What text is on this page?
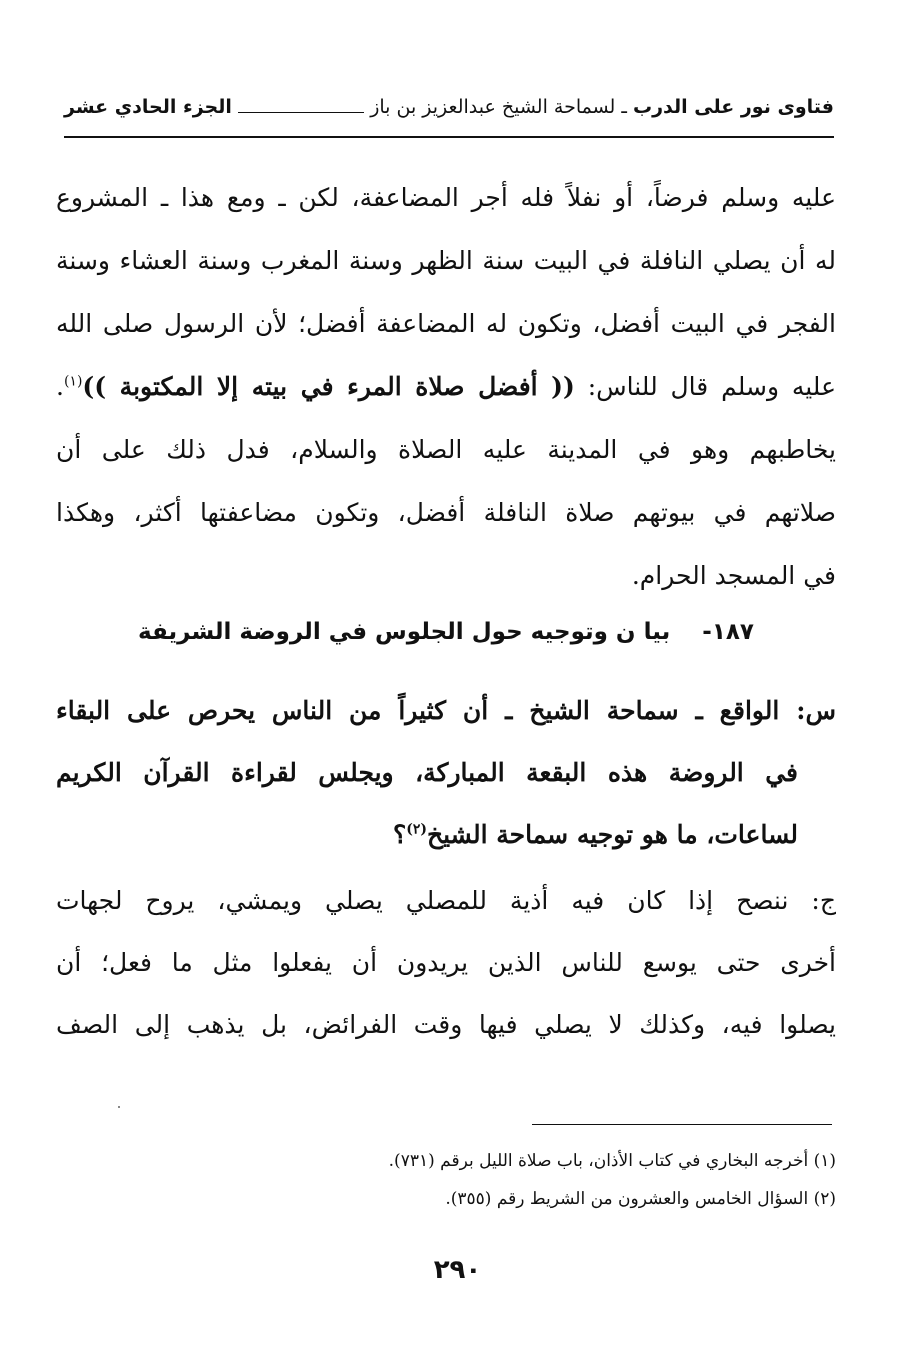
فتاوى نور على الدرب
ـ
لسماحة الشيخ عبدالعزيز بن باز
الجزء الحادي عشر
عليه وسلم فرضاً، أو نفلاً فله أجر المضاعفة، لكن ـ ومع هذا ـ المشروع
له أن يصلي النافلة في البيت سنة الظهر وسنة المغرب وسنة العشاء وسنة
الفجر في البيت أفضل، وتكون له المضاعفة أفضل؛ لأن الرسول صلى الله
عليه وسلم قال للناس: (( أفضل صلاة المرء في بيته إلا المكتوبة ))$^{(١)}$.
يخاطبهم وهو في المدينة عليه الصلاة والسلام، فدل ذلك على أن
صلاتهم في بيوتهم صلاة النافلة أفضل، وتكون مضاعفتها أكثر، وهكذا
في المسجد الحرام.
١٨٧-    بيا ن وتوجيه حول الجلوس في الروضة الشريفة
س: الواقع ـ سماحة الشيخ ـ أن كثيراً من الناس يحرص على البقاء
في الروضة هذه البقعة المباركة، ويجلس لقراءة القرآن الكريم
لساعات، ما هو توجيه سماحة الشيخ$^{(٢)}$؟
ج: ننصح إذا كان فيه أذية للمصلي يصلي ويمشي، يروح لجهات
أخرى حتى يوسع للناس الذين يريدون أن يفعلوا مثل ما فعل؛ أن
يصلوا فيه، وكذلك لا يصلي فيها وقت الفرائض، بل يذهب إلى الصف
(١) أخرجه البخاري في كتاب الأذان، باب صلاة الليل برقم (٧٣١).
(٢) السؤال الخامس والعشرون من الشريط رقم (٣٥٥).
٢٩٠
